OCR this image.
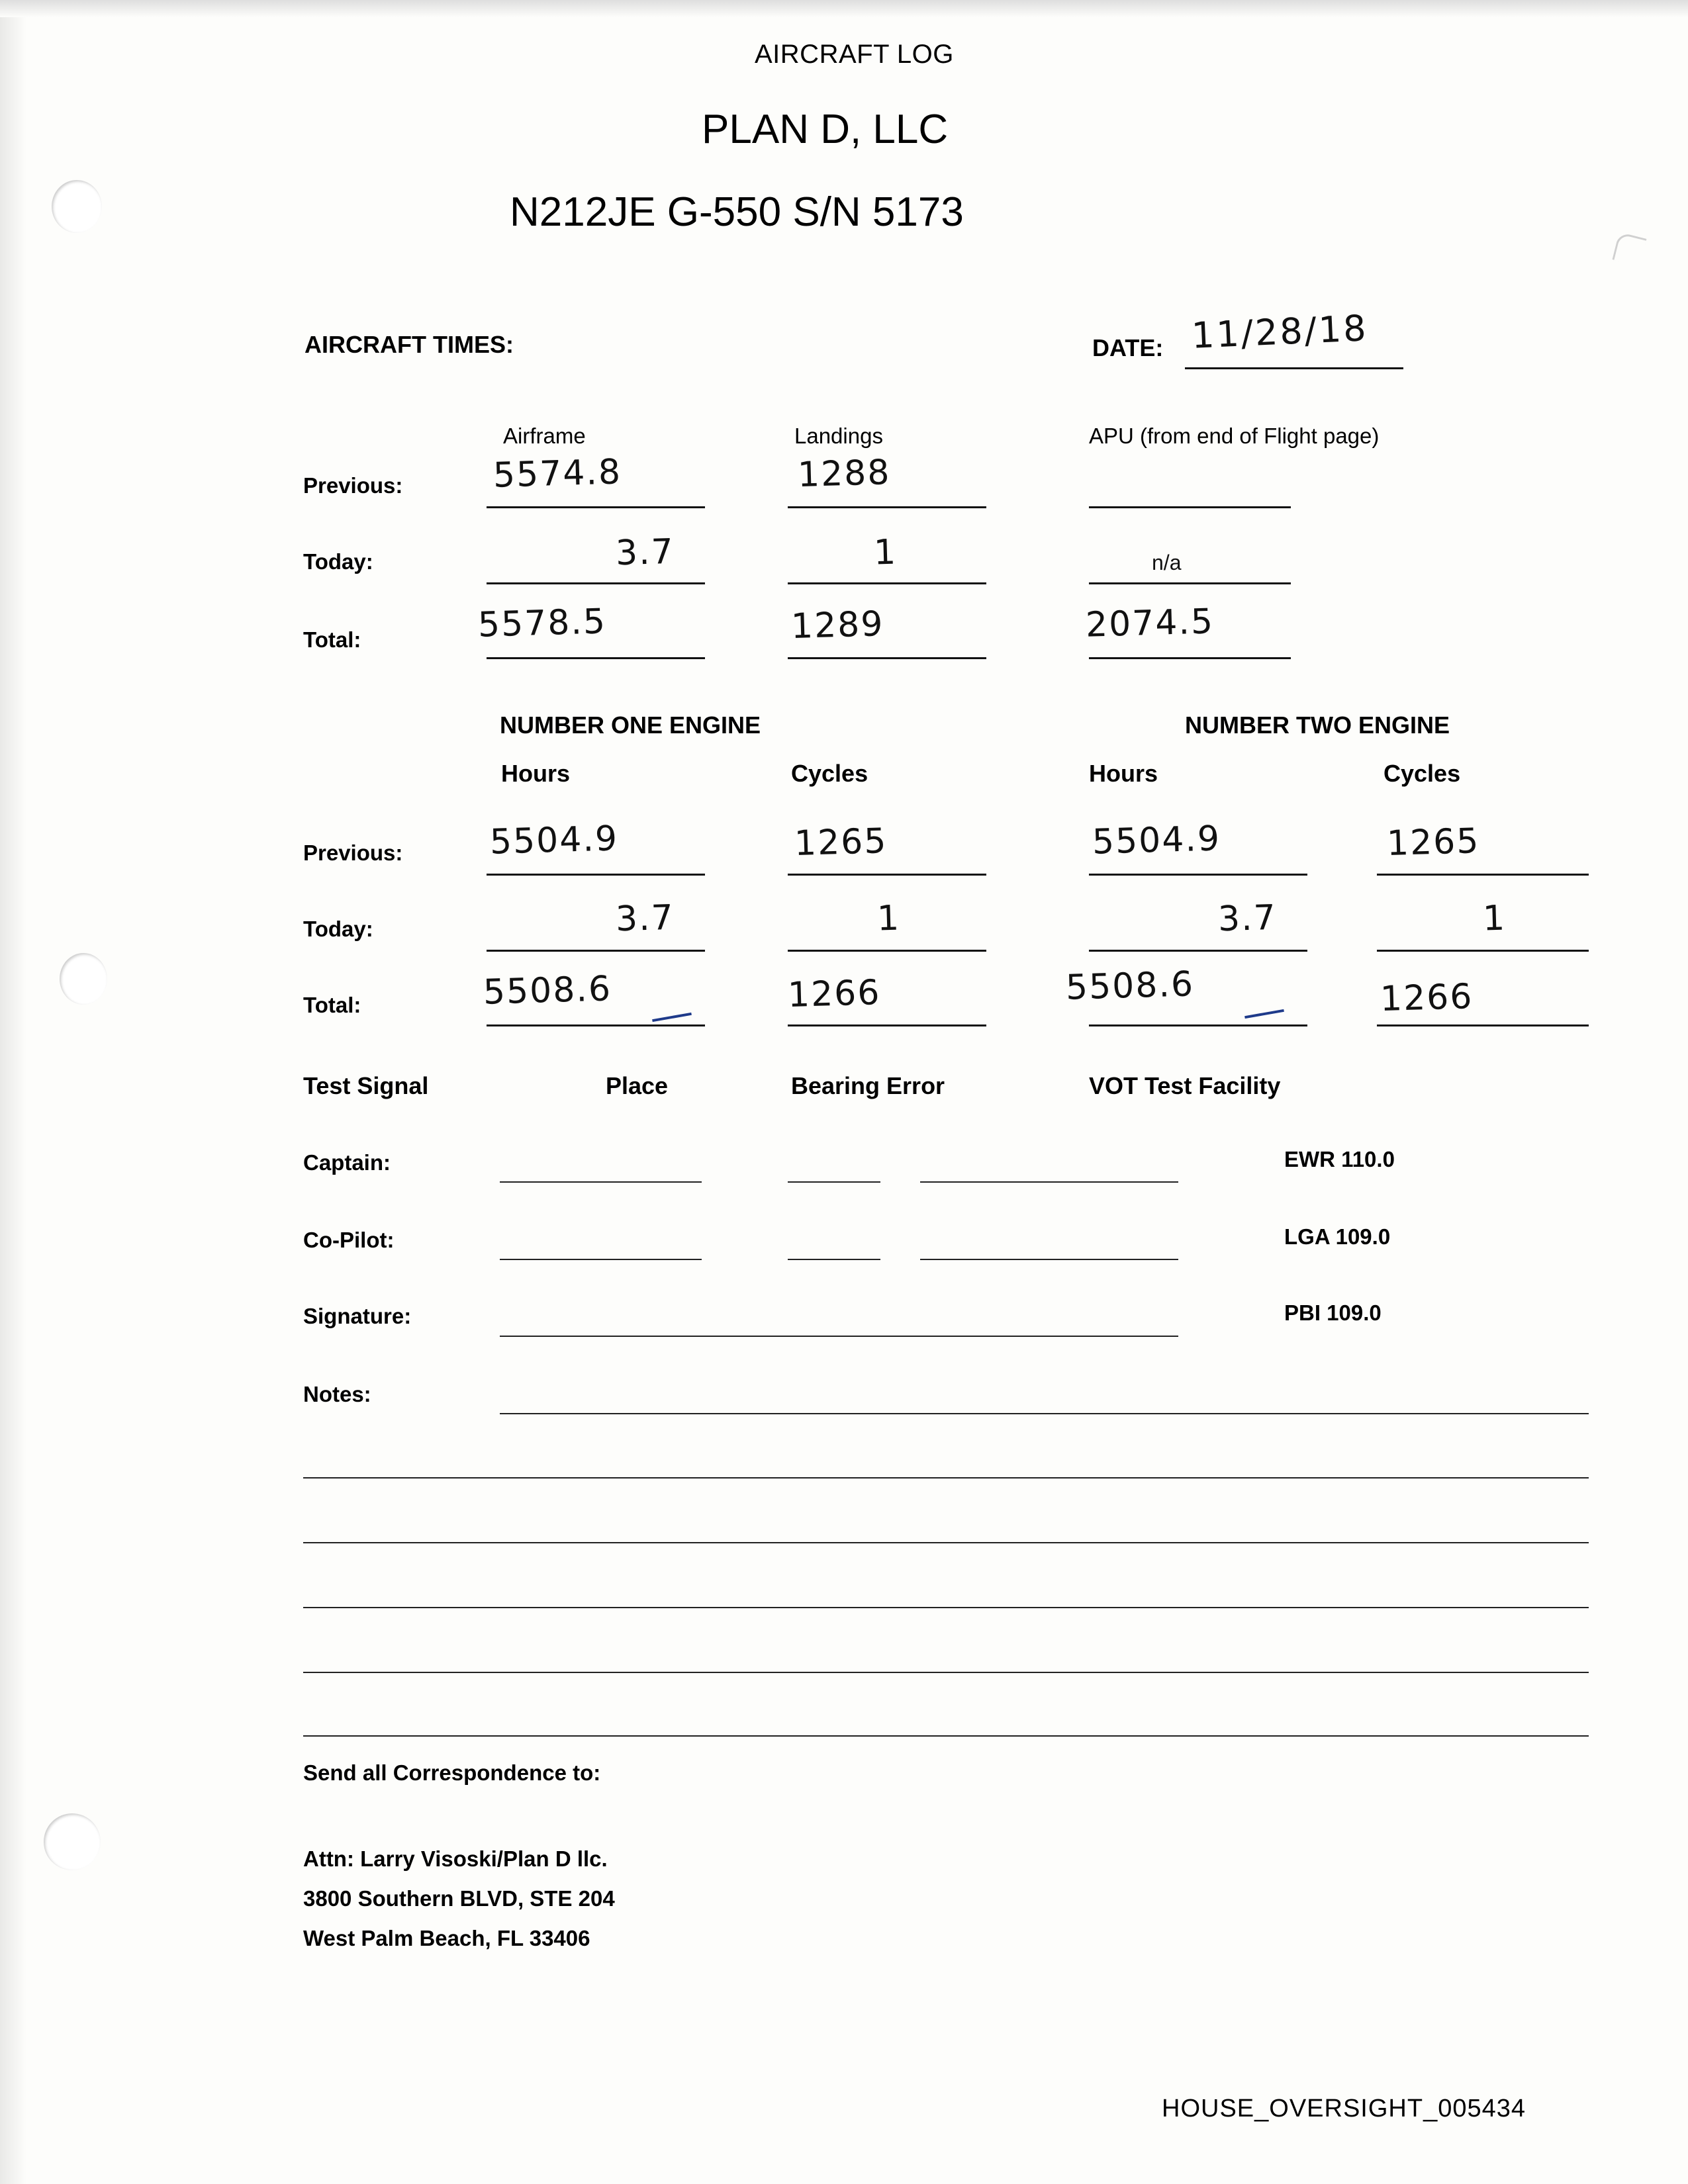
AIRCRAFT LOG
PLAN D, LLC
N212JE G-550 S/N 5173
AIRCRAFT TIMES:	DATE: 11/28/18
Airframe	Landings	APU (from end of Flight page)
Previous:	5574.8	1288
Today:	3.7	1	n/a
Total:	5578.5	1289	2074.5
NUMBER ONE ENGINE	NUMBER TWO ENGINE
Hours	Cycles	Hours	Cycles
Previous:	5504.9	1265	5504.9	1265
Today:	3.7	1	3.7	1
Total:	5508.6	1266	5508.6	1266
Test Signal	Place	Bearing Error	VOT Test Facility
Captain:	EWR 110.0
Co-Pilot:	LGA 109.0
Signature:	PBI 109.0
Notes:
Send all Correspondence to:
Attn: Larry Visoski/Plan D llc.
3800 Southern BLVD, STE 204
West Palm Beach, FL 33406
HOUSE_OVERSIGHT_005434
